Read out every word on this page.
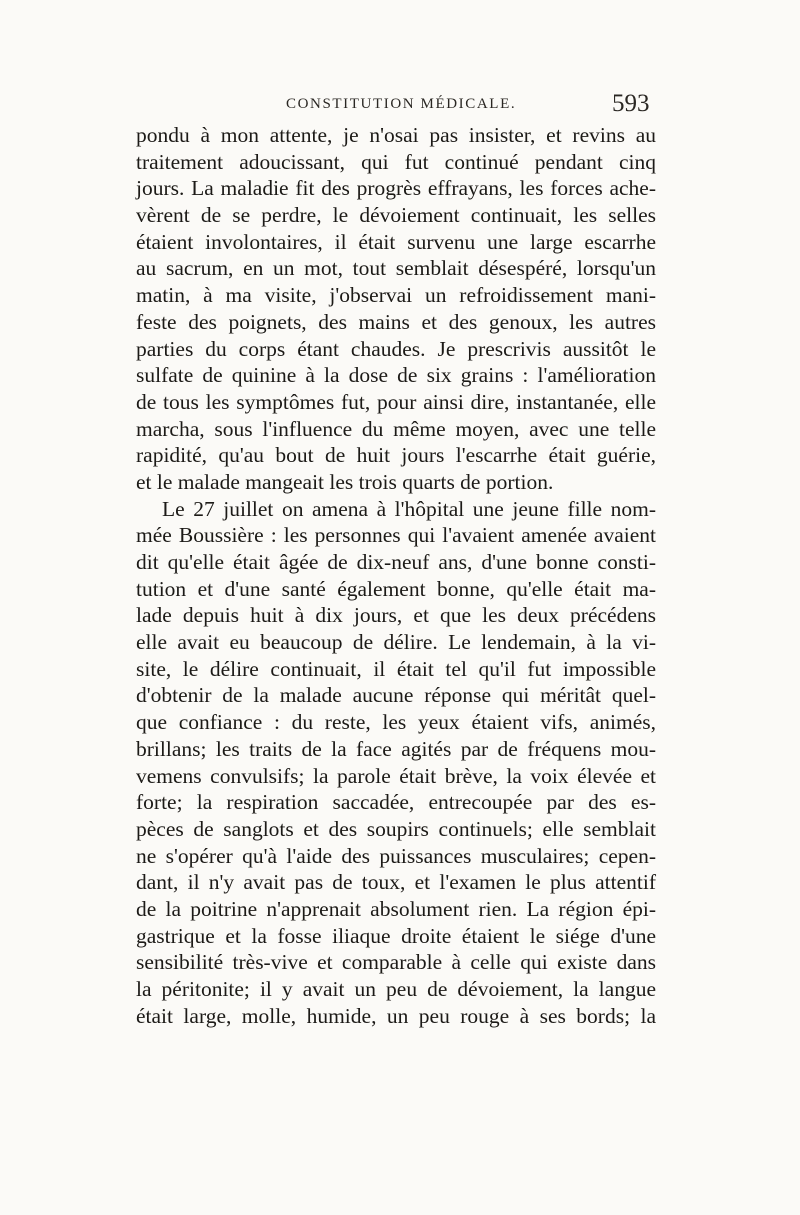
CONSTITUTION MÉDICALE.	593
pondu à mon attente, je n'osai pas insister, et revins au
traitement adoucissant, qui fut continué pendant cinq
jours. La maladie fit des progrès effrayans, les forces ache-
vèrent de se perdre, le dévoiement continuait, les selles
étaient involontaires, il était survenu une large escarrhe
au sacrum, en un mot, tout semblait désespéré, lorsqu'un
matin, à ma visite, j'observai un refroidissement mani-
feste des poignets, des mains et des genoux, les autres
parties du corps étant chaudes. Je prescrivis aussitôt le
sulfate de quinine à la dose de six grains : l'amélioration
de tous les symptômes fut, pour ainsi dire, instantanée, elle
marcha, sous l'influence du même moyen, avec une telle
rapidité, qu'au bout de huit jours l'escarrhe était guérie,
et le malade mangeait les trois quarts de portion.
Le 27 juillet on amena à l'hôpital une jeune fille nom-
mée Boussière : les personnes qui l'avaient amenée avaient
dit qu'elle était âgée de dix-neuf ans, d'une bonne consti-
tution et d'une santé également bonne, qu'elle était ma-
lade depuis huit à dix jours, et que les deux précédens
elle avait eu beaucoup de délire. Le lendemain, à la vi-
site, le délire continuait, il était tel qu'il fut impossible
d'obtenir de la malade aucune réponse qui méritât quel-
que confiance : du reste, les yeux étaient vifs, animés,
brillans; les traits de la face agités par de fréquens mou-
vemens convulsifs; la parole était brève, la voix élevée et
forte; la respiration saccadée, entrecoupée par des es-
pèces de sanglots et des soupirs continuels; elle semblait
ne s'opérer qu'à l'aide des puissances musculaires; cepen-
dant, il n'y avait pas de toux, et l'examen le plus attentif
de la poitrine n'apprenait absolument rien. La région épi-
gastrique et la fosse iliaque droite étaient le siége d'une
sensibilité très-vive et comparable à celle qui existe dans
la péritonite; il y avait un peu de dévoiement, la langue
était large, molle, humide, un peu rouge à ses bords; la
